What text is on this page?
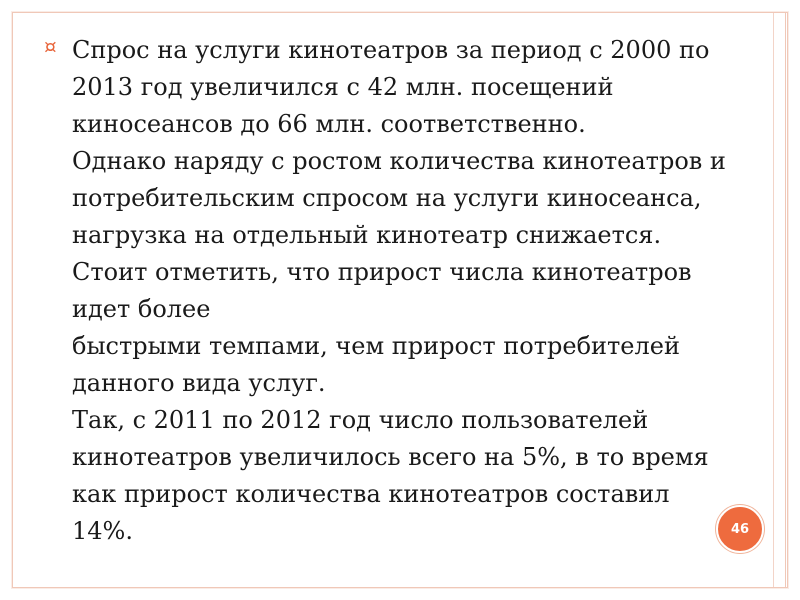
¤ Спрос на услуги кинотеатров за период с 2000 по
2013 год увеличился с 42 млн. посещений
киносеансов до 66 млн. соответственно.
Однако наряду с ростом количества кинотеатров и
потребительским спросом на услуги киносеанса,
нагрузка на отдельный кинотеатр снижается.
Стоит отметить, что прирост числа кинотеатров
идет более
быстрыми темпами, чем прирост потребителей
данного вида услуг.
Так, с 2011 по 2012 год число пользователей
кинотеатров увеличилось всего на 5%, в то время
как прирост количества кинотеатров составил
14%.	46
